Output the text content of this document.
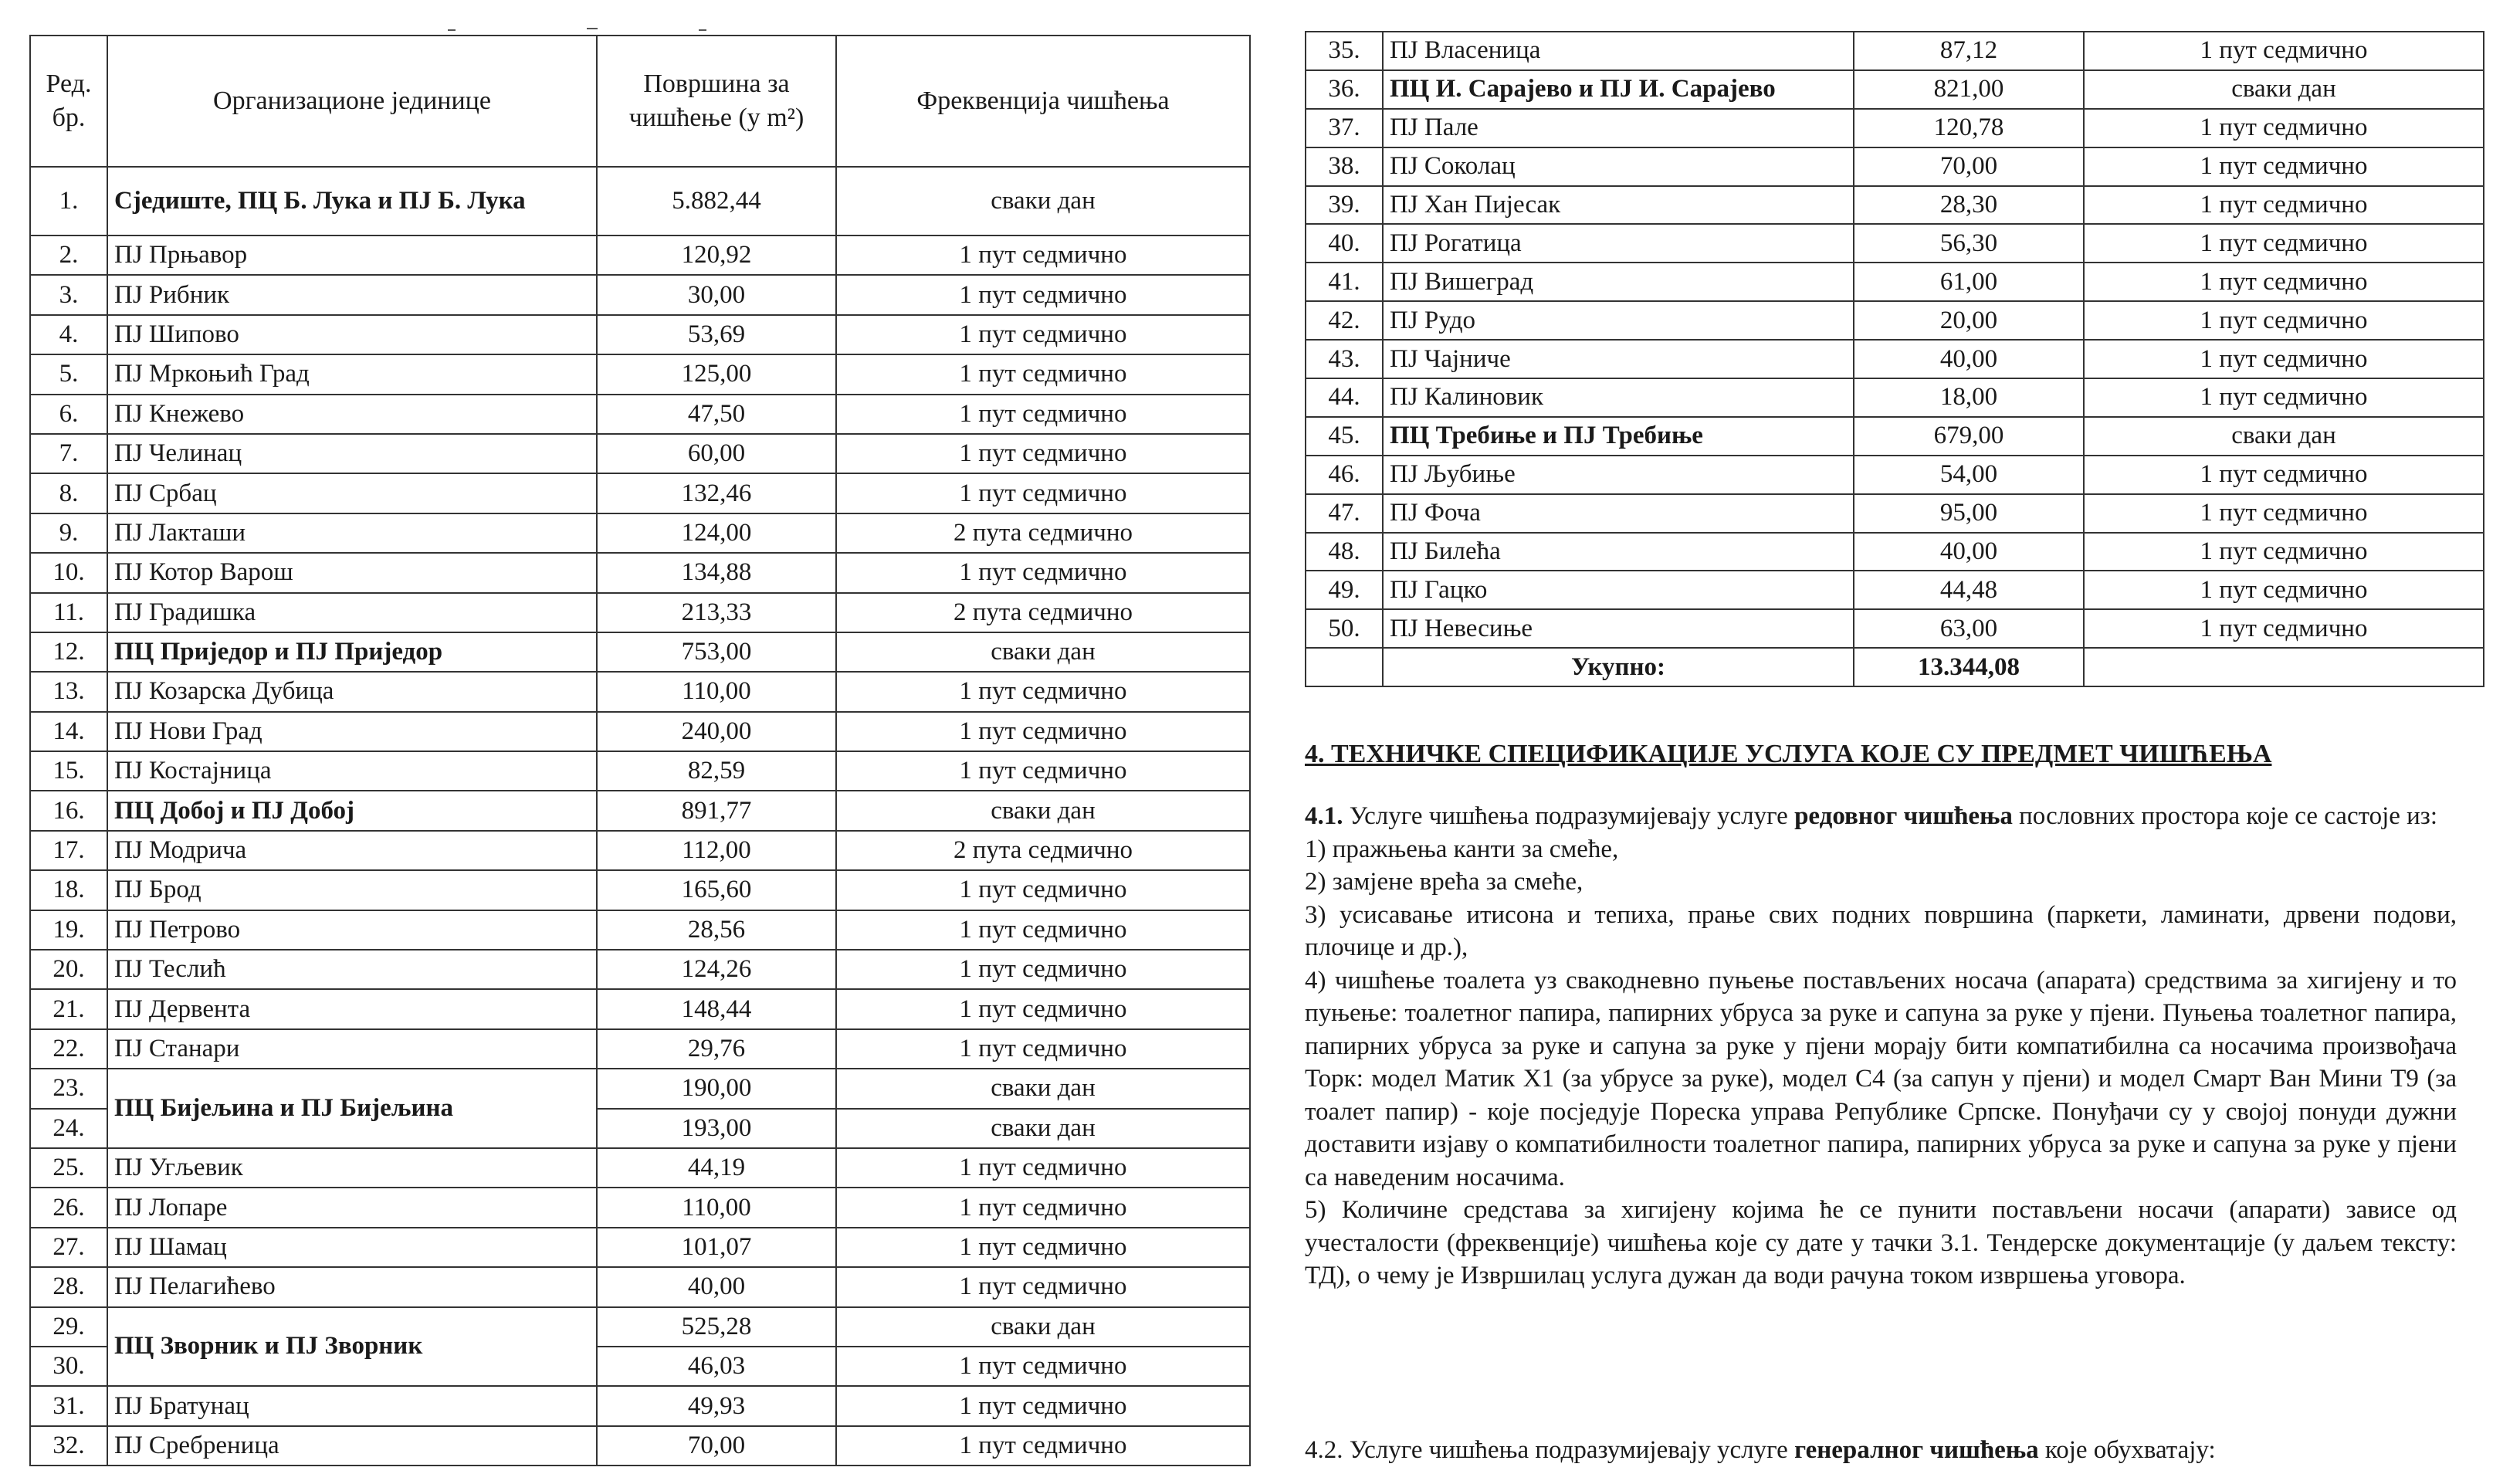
Ред. бр.	Организационе јединице	Површина за чишћење (у m²)	Фреквенција чишћења
1.	Сједиште, ПЦ Б. Лука и ПЈ Б. Лука	5.882,44	сваки дан
2.	ПЈ Прњавор	120,92	1 пут седмично
3.	ПЈ Рибник	30,00	1 пут седмично
4.	ПЈ Шипово	53,69	1 пут седмично
5.	ПЈ Мркоњић Град	125,00	1 пут седмично
6.	ПЈ Кнежево	47,50	1 пут седмично
7.	ПЈ Челинац	60,00	1 пут седмично
8.	ПЈ Србац	132,46	1 пут седмично
9.	ПЈ Лакташи	124,00	2 пута седмично
10.	ПЈ Котор Варош	134,88	1 пут седмично
11.	ПЈ Градишка	213,33	2 пута седмично
12.	ПЦ Приједор и ПЈ Приједор	753,00	сваки дан
13.	ПЈ Козарска Дубица	110,00	1 пут седмично
14.	ПЈ Нови Град	240,00	1 пут седмично
15.	ПЈ Костајница	82,59	1 пут седмично
16.	ПЦ Добој и ПЈ Добој	891,77	сваки дан
17.	ПЈ Модрича	112,00	2 пута седмично
18.	ПЈ Брод	165,60	1 пут седмично
19.	ПЈ Петрово	28,56	1 пут седмично
20.	ПЈ Теслић	124,26	1 пут седмично
21.	ПЈ Дервента	148,44	1 пут седмично
22.	ПЈ Станари	29,76	1 пут седмично
23.	ПЦ Бијељина и ПЈ Бијељина	190,00	сваки дан
24.		193,00	сваки дан
25.	ПЈ Угљевик	44,19	1 пут седмично
26.	ПЈ Лопаре	110,00	1 пут седмично
27.	ПЈ Шамац	101,07	1 пут седмично
28.	ПЈ Пелагићево	40,00	1 пут седмично
29.	ПЦ Зворник и ПЈ Зворник	525,28	сваки дан
30.		46,03	1 пут седмично
31.	ПЈ Братунац	49,93	1 пут седмично
32.	ПЈ Сребреница	70,00	1 пут седмично
35.	ПЈ Власеница	87,12	1 пут седмично
36.	ПЦ И. Сарајево и ПЈ И. Сарајево	821,00	сваки дан
37.	ПЈ Пале	120,78	1 пут седмично
38.	ПЈ Соколац	70,00	1 пут седмично
39.	ПЈ Хан Пијесак	28,30	1 пут седмично
40.	ПЈ Рогатица	56,30	1 пут седмично
41.	ПЈ Вишеград	61,00	1 пут седмично
42.	ПЈ Рудо	20,00	1 пут седмично
43.	ПЈ Чајниче	40,00	1 пут седмично
44.	ПЈ Калиновик	18,00	1 пут седмично
45.	ПЦ Требиње и ПЈ Требиње	679,00	сваки дан
46.	ПЈ Љубиње	54,00	1 пут седмично
47.	ПЈ Фоча	95,00	1 пут седмично
48.	ПЈ Билећа	40,00	1 пут седмично
49.	ПЈ Гацко	44,48	1 пут седмично
50.	ПЈ Невесиње	63,00	1 пут седмично
	Укупно:	13.344,08	
4. ТЕХНИЧКЕ СПЕЦИФИКАЦИЈЕ УСЛУГА КОЈЕ СУ ПРЕДМЕТ ЧИШЋЕЊА

4.1. Услуге чишћења подразумијевају услуге редовног чишћења пословних простора које се састоје из:

1) пражњења канти за смеће,

2) замјене врећа за смеће,

3) усисавање итисона и тепиха, прање свих подних површина (паркети, ламинати, дрвени подови, плочице и др.),

4) чишћење тоалета уз свакодневно пуњење постављених носача (апарата) средствима за хигијену и то пуњење: тоалетног папира, папирних убруса за руке и сапуна за руке у пјени. Пуњења тоалетног папира, папирних убруса за руке и сапуна за руке у пјени морају бити компатибилна са носачима произвођача Торк: модел Матик X1 (за убрусе за руке), модел С4 (за сапун у пјени) и модел Смарт Ван Мини Т9 (за тоалет папир) - које посједује Пореска управа Републике Српске. Понуђачи су у својој понуди дужни доставити изјаву о компатибилности тоалетног папира, папирних убруса за руке и сапуна за руке у пјени са наведеним носачима.

5) Количине средстава за хигијену којима ће се пунити постављени носачи (апарати) зависе од учесталости (фреквенције) чишћења које су дате у тачки 3.1. Тендерске документације (у даљем тексту: ТД), о чему је Извршилац услуга дужан да води рачуна током извршења уговора.

4.2. Услуге чишћења подразумијевају услуге генералног чишћења које обухватају:
